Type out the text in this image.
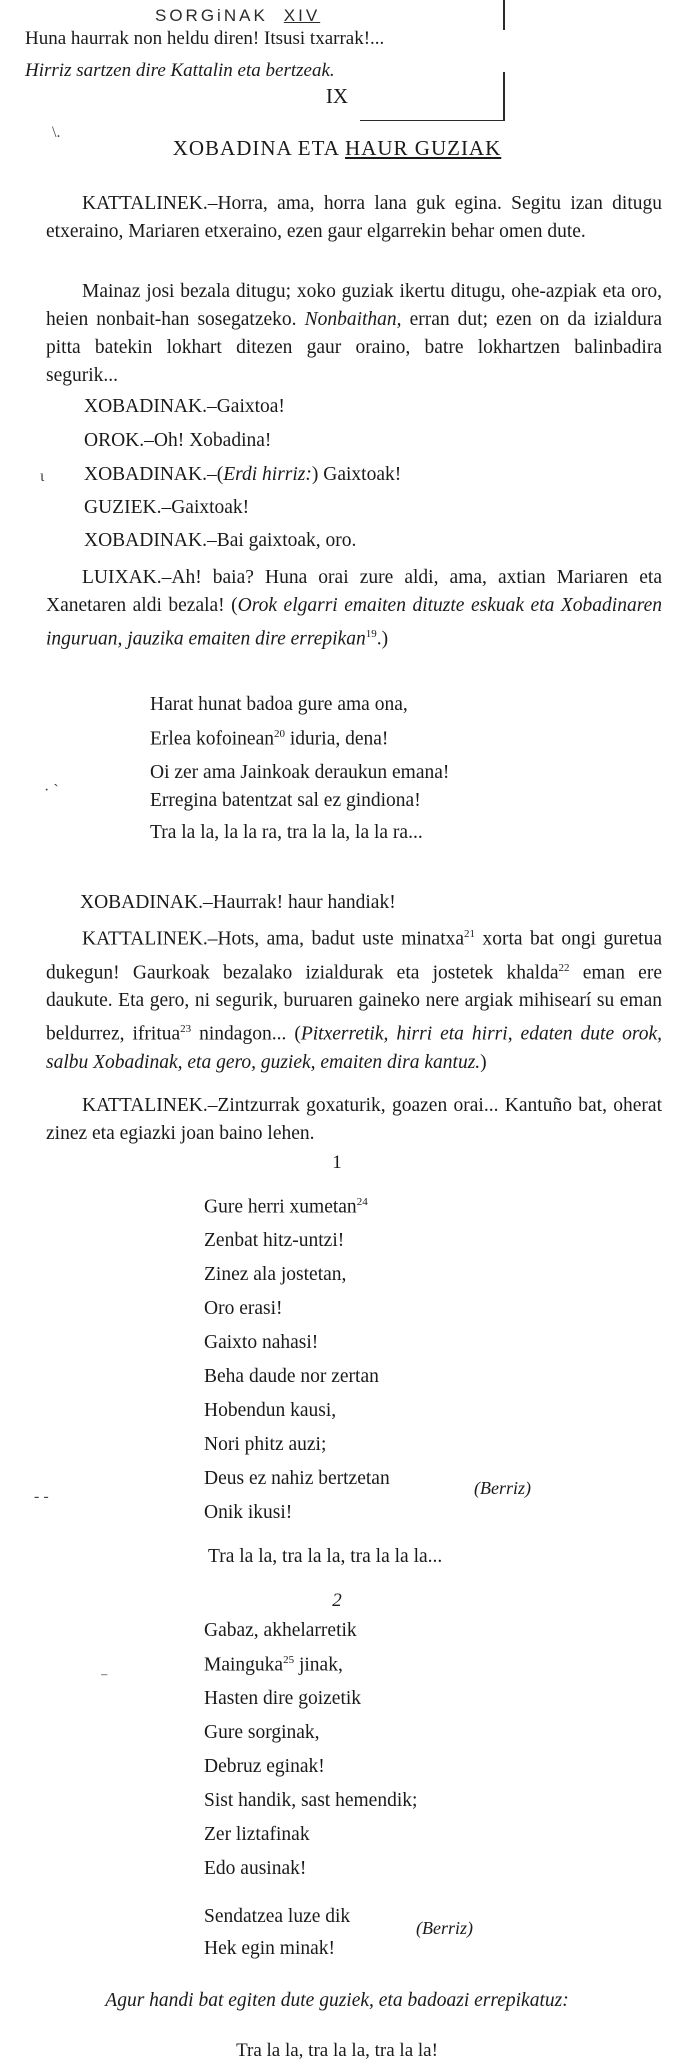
SORGiNAK XIV
\.
Huna haurrak non heldu diren! Itsusi txarrak!...
Hirriz sartzen dire Kattalin eta bertzeak.
IX
XOBADINA ETA HAUR GUZIAK

KATTALINEK.–Horra, ama, horra lana guk egina. Segitu izan ditugu etxeraino, Mariaren etxeraino, ezen gaur elgarrekin behar omen dute.

Mainaz josi bezala ditugu; xoko guziak ikertu ditugu, ohe-azpiak eta oro, heien nonbait-han sosegatzeko. Nonbaithan, erran dut; ezen on da izialdura pitta batekin lokhart ditezen gaur oraino, batre lokhartzen balinbadira segurik...

XOBADINAK.–Gaixtoa!
OROK.–Oh! Xobadina!
ι XOBADINAK.–(Erdi hirriz:) Gaixtoak!
GUZIEK.–Gaixtoak!
XOBADINAK.–Bai gaixtoak, oro.

LUIXAK.–Ah! baia? Huna orai zure aldi, ama, axtian Mariaren eta Xanetaren aldi bezala! (Orok elgarri emaiten dituzte eskuak eta Xobadinaren inguruan, jauzika emaiten dire errepikan$^{19}$.)

Harat hunat badoa gure ama ona,
Erlea kofoinean$^{20}$ iduria, dena!
Oi zer ama Jainkoak deraukun emana!
· `	Erregina batentzat sal ez gindiona!
Tra la la, la la ra, tra la la, la la ra...
XOBADINAK.–Haurrak! haur handiak!

KATTALINEK.–Hots, ama, badut uste minatxa$^{21}$ xorta bat ongi guretua dukegun! Gaurkoak bezalako izialdurak eta jostetek khalda$^{22}$ eman ere daukute. Eta gero, ni segurik, buruaren gaineko nere argiak mihisearí su eman beldurrez, ifritua$^{23}$ nindagon... (Pitxerretik, hirri eta hirri, edaten dute orok, salbu Xobadinak, eta gero, guziek, emaiten dira kantuz.)

KATTALINEK.–Zintzurrak goxaturik, goazen orai... Kantuño bat, oherat zinez eta egiazki joan baino lehen.

1
Gure herri xumetan$^{24}$
Zenbat hitz-untzi!
Zinez ala jostetan,
Oro erasi!
Gaixto nahasi!
Beha daude nor zertan
Hobendun kausi,
Nori phitz auzi;
Deus ez nahiz bertzetan	(Berriz)
- -
Onik ikusi!
Tra la la, tra la la, tra la la la...
2
Gabaz, akhelarretik
Mainguka$^{25}$ jinak,
⁻
Hasten dire goizetik
Gure sorginak,
Debruz eginak!
Sist handik, sast hemendik;
Zer liztafinak
Edo ausinak!
Sendatzea luze dik
(Berriz)
Hek egin minak!
Agur handi bat egiten dute guziek, eta badoazi errepikatuz:
Tra la la, tra la la, tra la la!
